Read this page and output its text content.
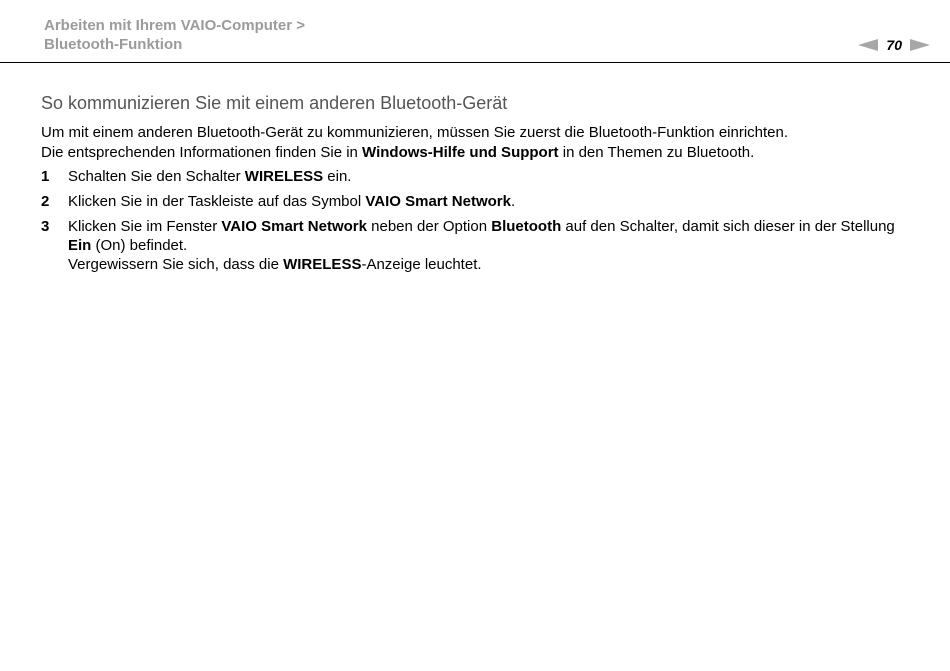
Arbeiten mit Ihrem VAIO-Computer >
Bluetooth-Funktion	70
So kommunizieren Sie mit einem anderen Bluetooth-Gerät
Um mit einem anderen Bluetooth-Gerät zu kommunizieren, müssen Sie zuerst die Bluetooth-Funktion einrichten.
Die entsprechenden Informationen finden Sie in Windows-Hilfe und Support in den Themen zu Bluetooth.
1	Schalten Sie den Schalter WIRELESS ein.
2	Klicken Sie in der Taskleiste auf das Symbol VAIO Smart Network.
3	Klicken Sie im Fenster VAIO Smart Network neben der Option Bluetooth auf den Schalter, damit sich dieser in der Stellung Ein (On) befindet.
Vergewissern Sie sich, dass die WIRELESS-Anzeige leuchtet.
